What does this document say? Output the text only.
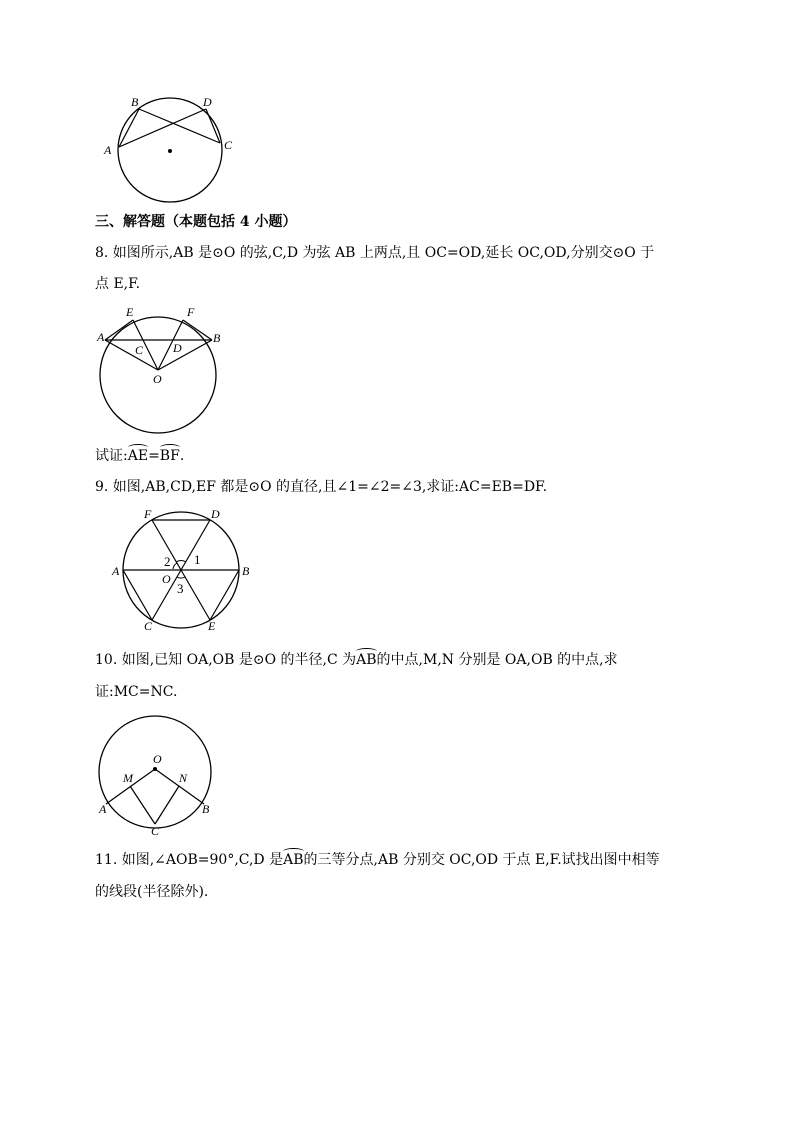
A
B	D
C
三、解答题（本题包括 4 小题）
8. 如图所示,AB 是⊙O 的弦,C,D 为弦 AB 上两点,且 OC=OD,延长 OC,OD,分别交⊙O 于
点 E,F.
A	B
E	F
C D
O
试证:
AE=
BF.
9. 如图,AB,CD,EF 都是⊙O 的直径,且∠1=∠2=∠3,求证:AC=EB=DF.
F	D
A	B
C	E
O
2 1
3
10. 如图,已知 OA,OB 是⊙O 的半径,C 为
AB的中点,M,N 分别是 OA,OB 的中点,求
证:MC=NC.
O
M	N
A	B
C
11. 如图,∠AOB=90°,C,D 是
AB的三等分点,AB 分别交 OC,OD 于点 E,F.试找出图中相等
的线段(半径除外).
